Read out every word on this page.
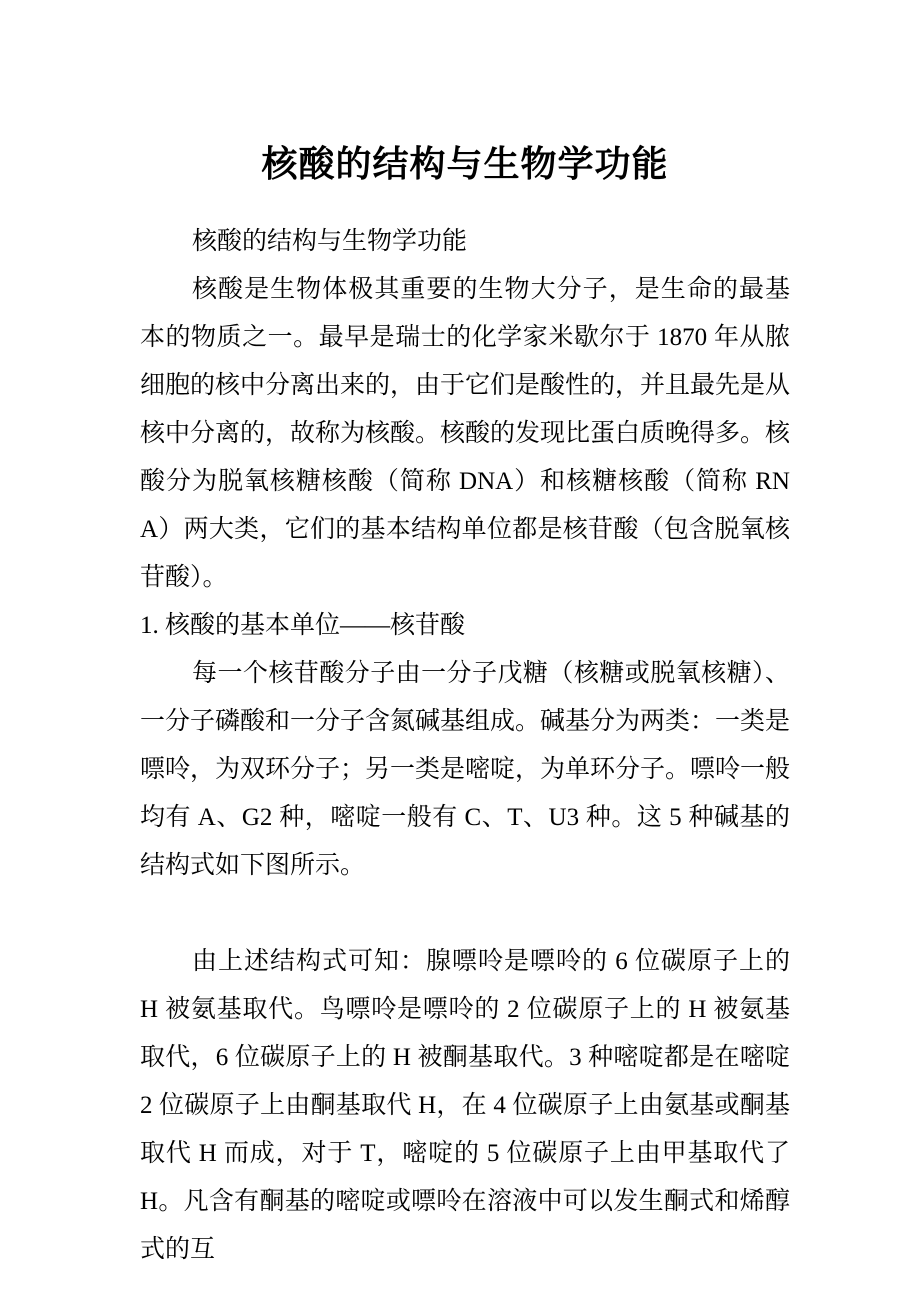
核酸的结构与生物学功能

核酸的结构与生物学功能

核酸是生物体极其重要的生物大分子，是生命的最基本的物质之一。最早是瑞士的化学家米歇尔于 1870 年从脓细胞的核中分离出来的，由于它们是酸性的，并且最先是从核中分离的，故称为核酸。核酸的发现比蛋白质晚得多。核酸分为脱氧核糖核酸（简称 DNA）和核糖核酸（简称 RNA）两大类，它们的基本结构单位都是核苷酸（包含脱氧核苷酸）。

1. 核酸的基本单位——核苷酸

每一个核苷酸分子由一分子戊糖（核糖或脱氧核糖）、一分子磷酸和一分子含氮碱基组成。碱基分为两类：一类是嘌呤，为双环分子；另一类是嘧啶，为单环分子。嘌呤一般均有 A、G2 种，嘧啶一般有 C、T、U3 种。这 5 种碱基的结构式如下图所示。

由上述结构式可知：腺嘌呤是嘌呤的 6 位碳原子上的 H 被氨基取代。鸟嘌呤是嘌呤的 2 位碳原子上的 H 被氨基取代，6 位碳原子上的 H 被酮基取代。3 种嘧啶都是在嘧啶 2 位碳原子上由酮基取代 H，在 4 位碳原子上由氨基或酮基取代 H 而成，对于 T，嘧啶的 5 位碳原子上由甲基取代了 H。凡含有酮基的嘧啶或嘌呤在溶液中可以发生酮式和烯醇式的互
